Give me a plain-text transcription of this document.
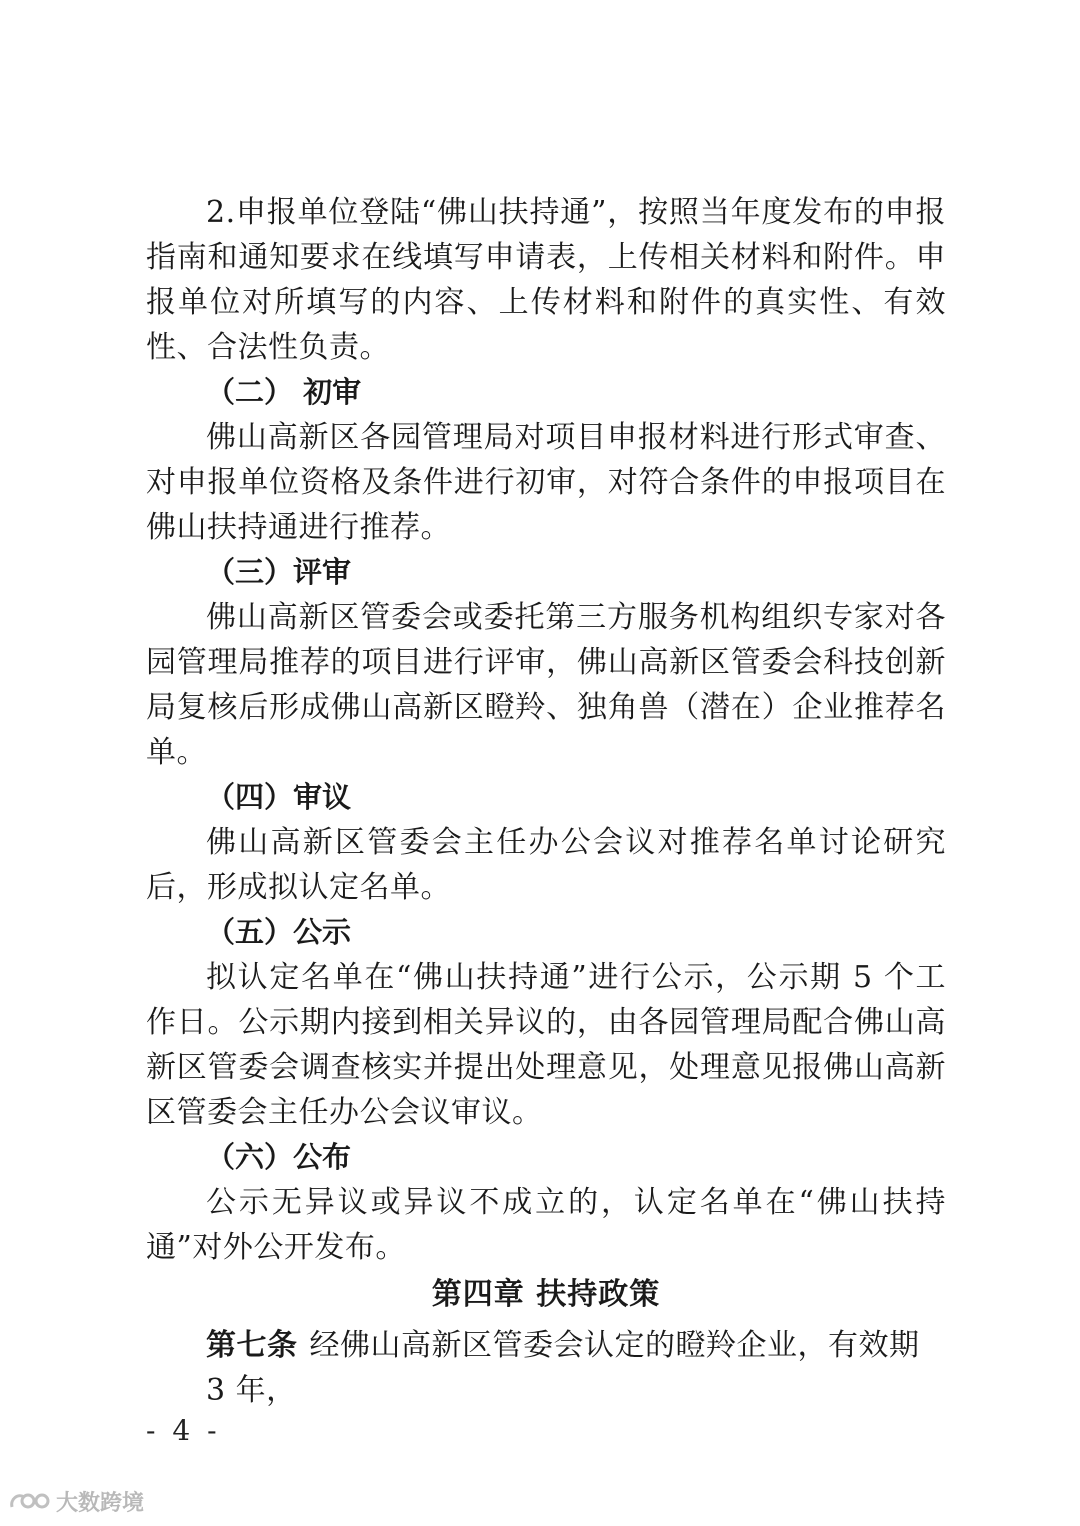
2.申报单位登陆“佛山扶持通”，按照当年度发布的申报指南和通知要求在线填写申请表，上传相关材料和附件。申报单位对所填写的内容、上传材料和附件的真实性、有效性、合法性负责。

（二） 初审

佛山高新区各园管理局对项目申报材料进行形式审查、对申报单位资格及条件进行初审，对符合条件的申报项目在佛山扶持通进行推荐。

（三）评审

佛山高新区管委会或委托第三方服务机构组织专家对各园管理局推荐的项目进行评审，佛山高新区管委会科技创新局复核后形成佛山高新区瞪羚、独角兽（潜在）企业推荐名单。

（四）审议

佛山高新区管委会主任办公会议对推荐名单讨论研究后，形成拟认定名单。

（五）公示

拟认定名单在“佛山扶持通”进行公示，公示期 5 个工作日。公示期内接到相关异议的，由各园管理局配合佛山高新区管委会调查核实并提出处理意见，处理意见报佛山高新区管委会主任办公会议审议。

（六）公布

公示无异议或异议不成立的，认定名单在“佛山扶持通”对外公开发布。

第四章 扶持政策

第七条 经佛山高新区管委会认定的瞪羚企业，有效期 3 年，

- 4 -
大数跨境
